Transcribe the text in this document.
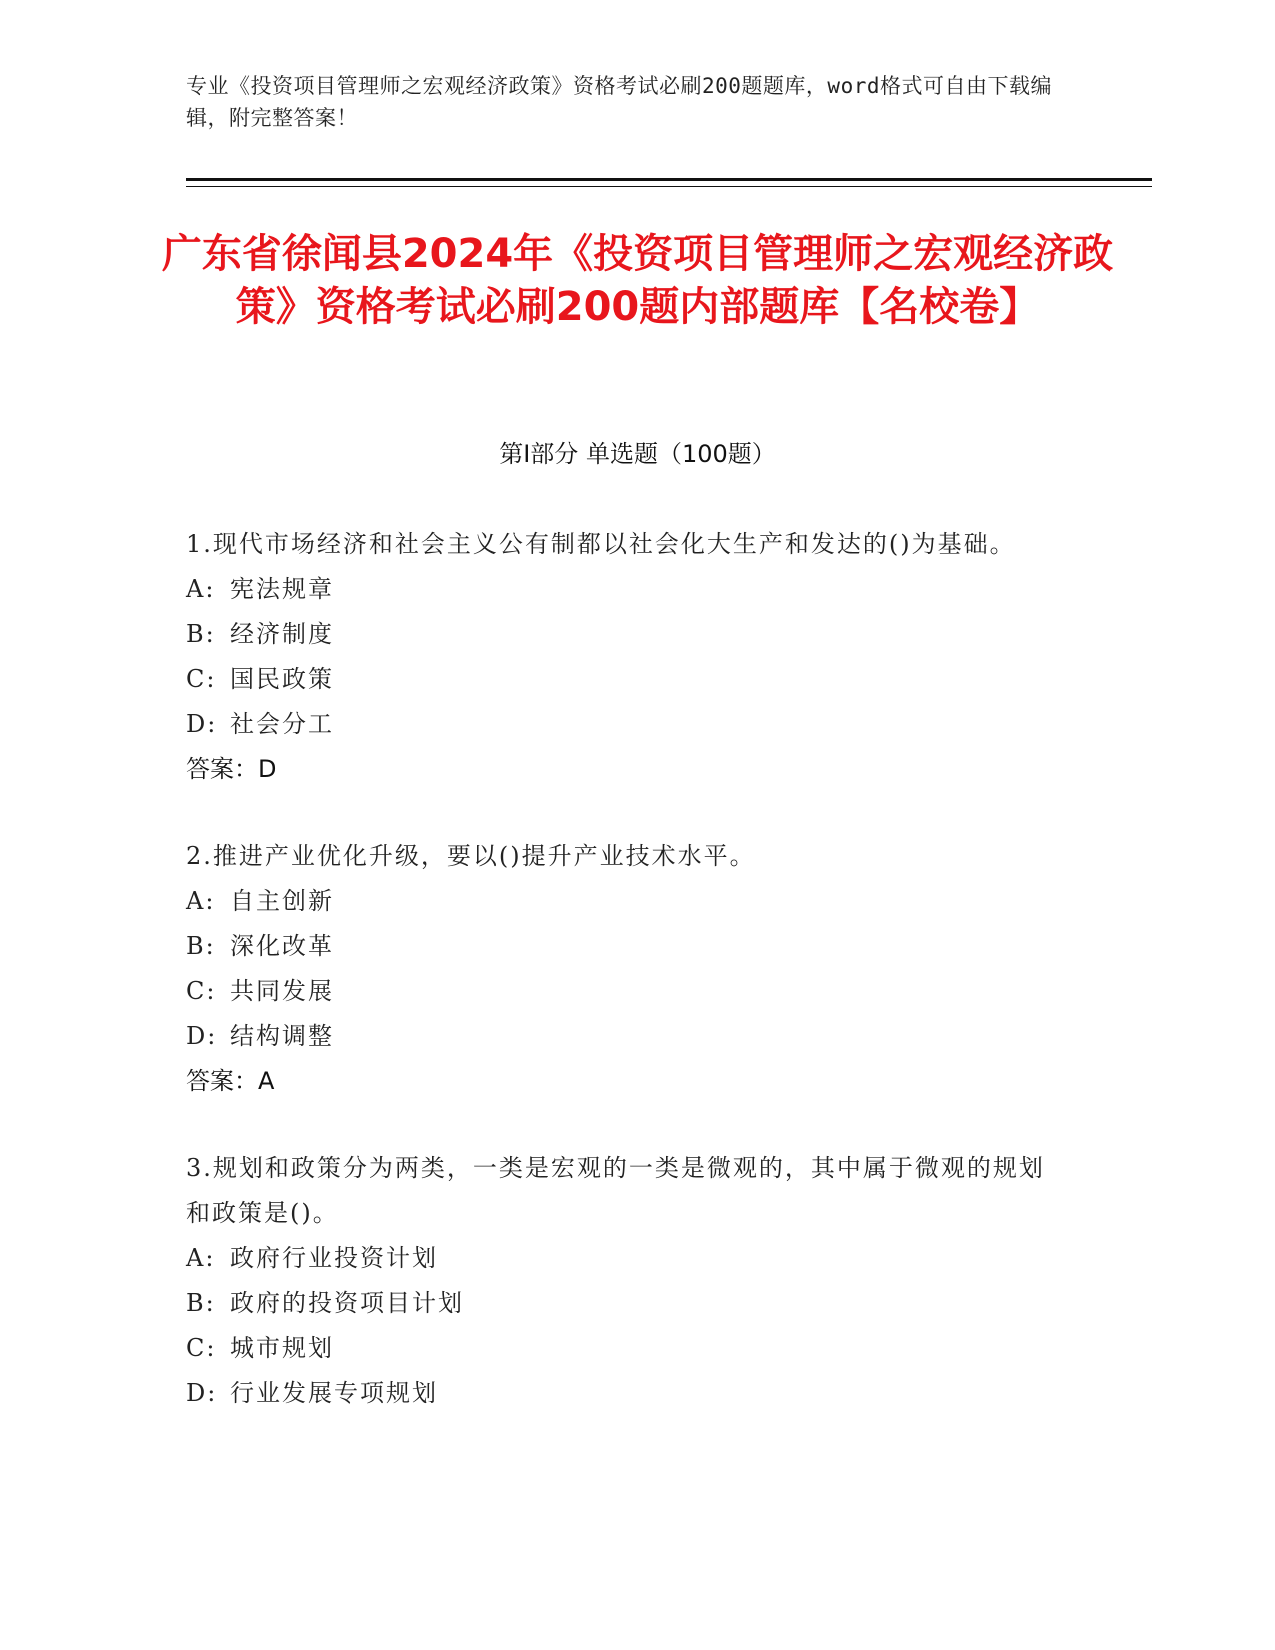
专业《投资项目管理师之宏观经济政策》资格考试必刷200题题库，word格式可自由下载编辑，附完整答案！
广东省徐闻县2024年《投资项目管理师之宏观经济政策》资格考试必刷200题内部题库【名校卷】
第I部分 单选题（100题）
1.现代市场经济和社会主义公有制都以社会化大生产和发达的()为基础。
A: 宪法规章
B: 经济制度
C: 国民政策
D: 社会分工
答案：D
2.推进产业优化升级，要以()提升产业技术水平。
A: 自主创新
B: 深化改革
C: 共同发展
D: 结构调整
答案：A
3.规划和政策分为两类，一类是宏观的一类是微观的，其中属于微观的规划和政策是()。
A: 政府行业投资计划
B: 政府的投资项目计划
C: 城市规划
D: 行业发展专项规划
